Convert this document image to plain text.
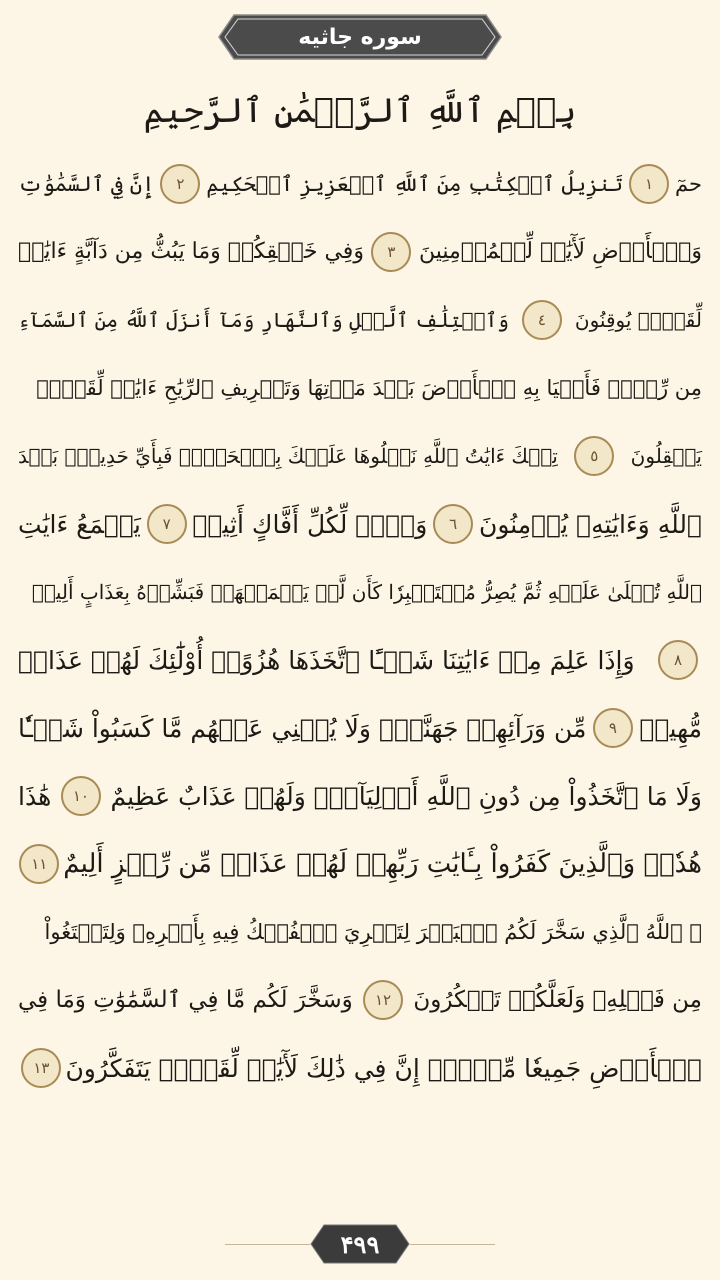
سوره جاثیه
بِسۡمِ ٱللَّهِ ٱلرَّحۡمَٰنِ ٱلرَّحِيمِ
حمٓ
١
تَنزِيلُ ٱلۡكِتَٰبِ مِنَ ٱللَّهِ ٱلۡعَزِيزِ ٱلۡحَكِيمِ
٢
إِنَّ فِي ٱلسَّمَٰوَٰتِ
وَٱلۡأَرۡضِ لَأٓيَٰتٖ لِّلۡمُؤۡمِنِينَ
٣
وَفِي خَلۡقِكُمۡ وَمَا يَبُثُّ مِن دَآبَّةٍ ءَايَٰتٞ
لِّقَوۡمٖ يُوقِنُونَ
٤
وَٱخۡتِلَٰفِ ٱلَّيۡلِ وَٱلنَّهَارِ وَمَآ أَنزَلَ ٱللَّهُ مِنَ ٱلسَّمَآءِ
مِن رِّزۡقٖ فَأَحۡيَا بِهِ ٱلۡأَرۡضَ بَعۡدَ مَوۡتِهَا وَتَصۡرِيفِ ٱلرِّيَٰحِ ءَايَٰتٞ لِّقَوۡمٖ
يَعۡقِلُونَ
٥
تِلۡكَ ءَايَٰتُ ٱللَّهِ نَتۡلُوهَا عَلَيۡكَ بِٱلۡحَقِّۖ فَبِأَيِّ حَدِيثِۭ بَعۡدَ
ٱللَّهِ وَءَايَٰتِهِۦ يُؤۡمِنُونَ
٦
وَيۡلٞ لِّكُلِّ أَفَّاكٍ أَثِيمٖ
٧
يَسۡمَعُ ءَايَٰتِ
ٱللَّهِ تُتۡلَىٰ عَلَيۡهِ ثُمَّ يُصِرُّ مُسۡتَكۡبِرٗا كَأَن لَّمۡ يَسۡمَعۡهَاۖ فَبَشِّرۡهُ بِعَذَابٍ أَلِيمٖ
٨
وَإِذَا عَلِمَ مِنۡ ءَايَٰتِنَا شَيۡـًٔا ٱتَّخَذَهَا هُزُوًاۚ أُوْلَٰٓئِكَ لَهُمۡ عَذَابٞ
مُّهِينٞ
٩
مِّن وَرَآئِهِمۡ جَهَنَّمُۖ وَلَا يُغۡنِي عَنۡهُم مَّا كَسَبُواْ شَيۡـٔٗا
وَلَا مَا ٱتَّخَذُواْ مِن دُونِ ٱللَّهِ أَوۡلِيَآءَۖ وَلَهُمۡ عَذَابٌ عَظِيمٌ
١٠
هَٰذَا
هُدٗىۖ وَٱلَّذِينَ كَفَرُواْ بِـَٔايَٰتِ رَبِّهِمۡ لَهُمۡ عَذَابٞ مِّن رِّجۡزٍ أَلِيمٌ
١١
۞ ٱللَّهُ ٱلَّذِي سَخَّرَ لَكُمُ ٱلۡبَحۡرَ لِتَجۡرِيَ ٱلۡفُلۡكُ فِيهِ بِأَمۡرِهِۦ وَلِتَبۡتَغُواْ
مِن فَضۡلِهِۦ وَلَعَلَّكُمۡ تَشۡكُرُونَ
١٢
وَسَخَّرَ لَكُم مَّا فِي ٱلسَّمَٰوَٰتِ وَمَا فِي
ٱلۡأَرۡضِ جَمِيعٗا مِّنۡهُۚ إِنَّ فِي ذَٰلِكَ لَأٓيَٰتٖ لِّقَوۡمٖ يَتَفَكَّرُونَ
١٣
۴۹۹
